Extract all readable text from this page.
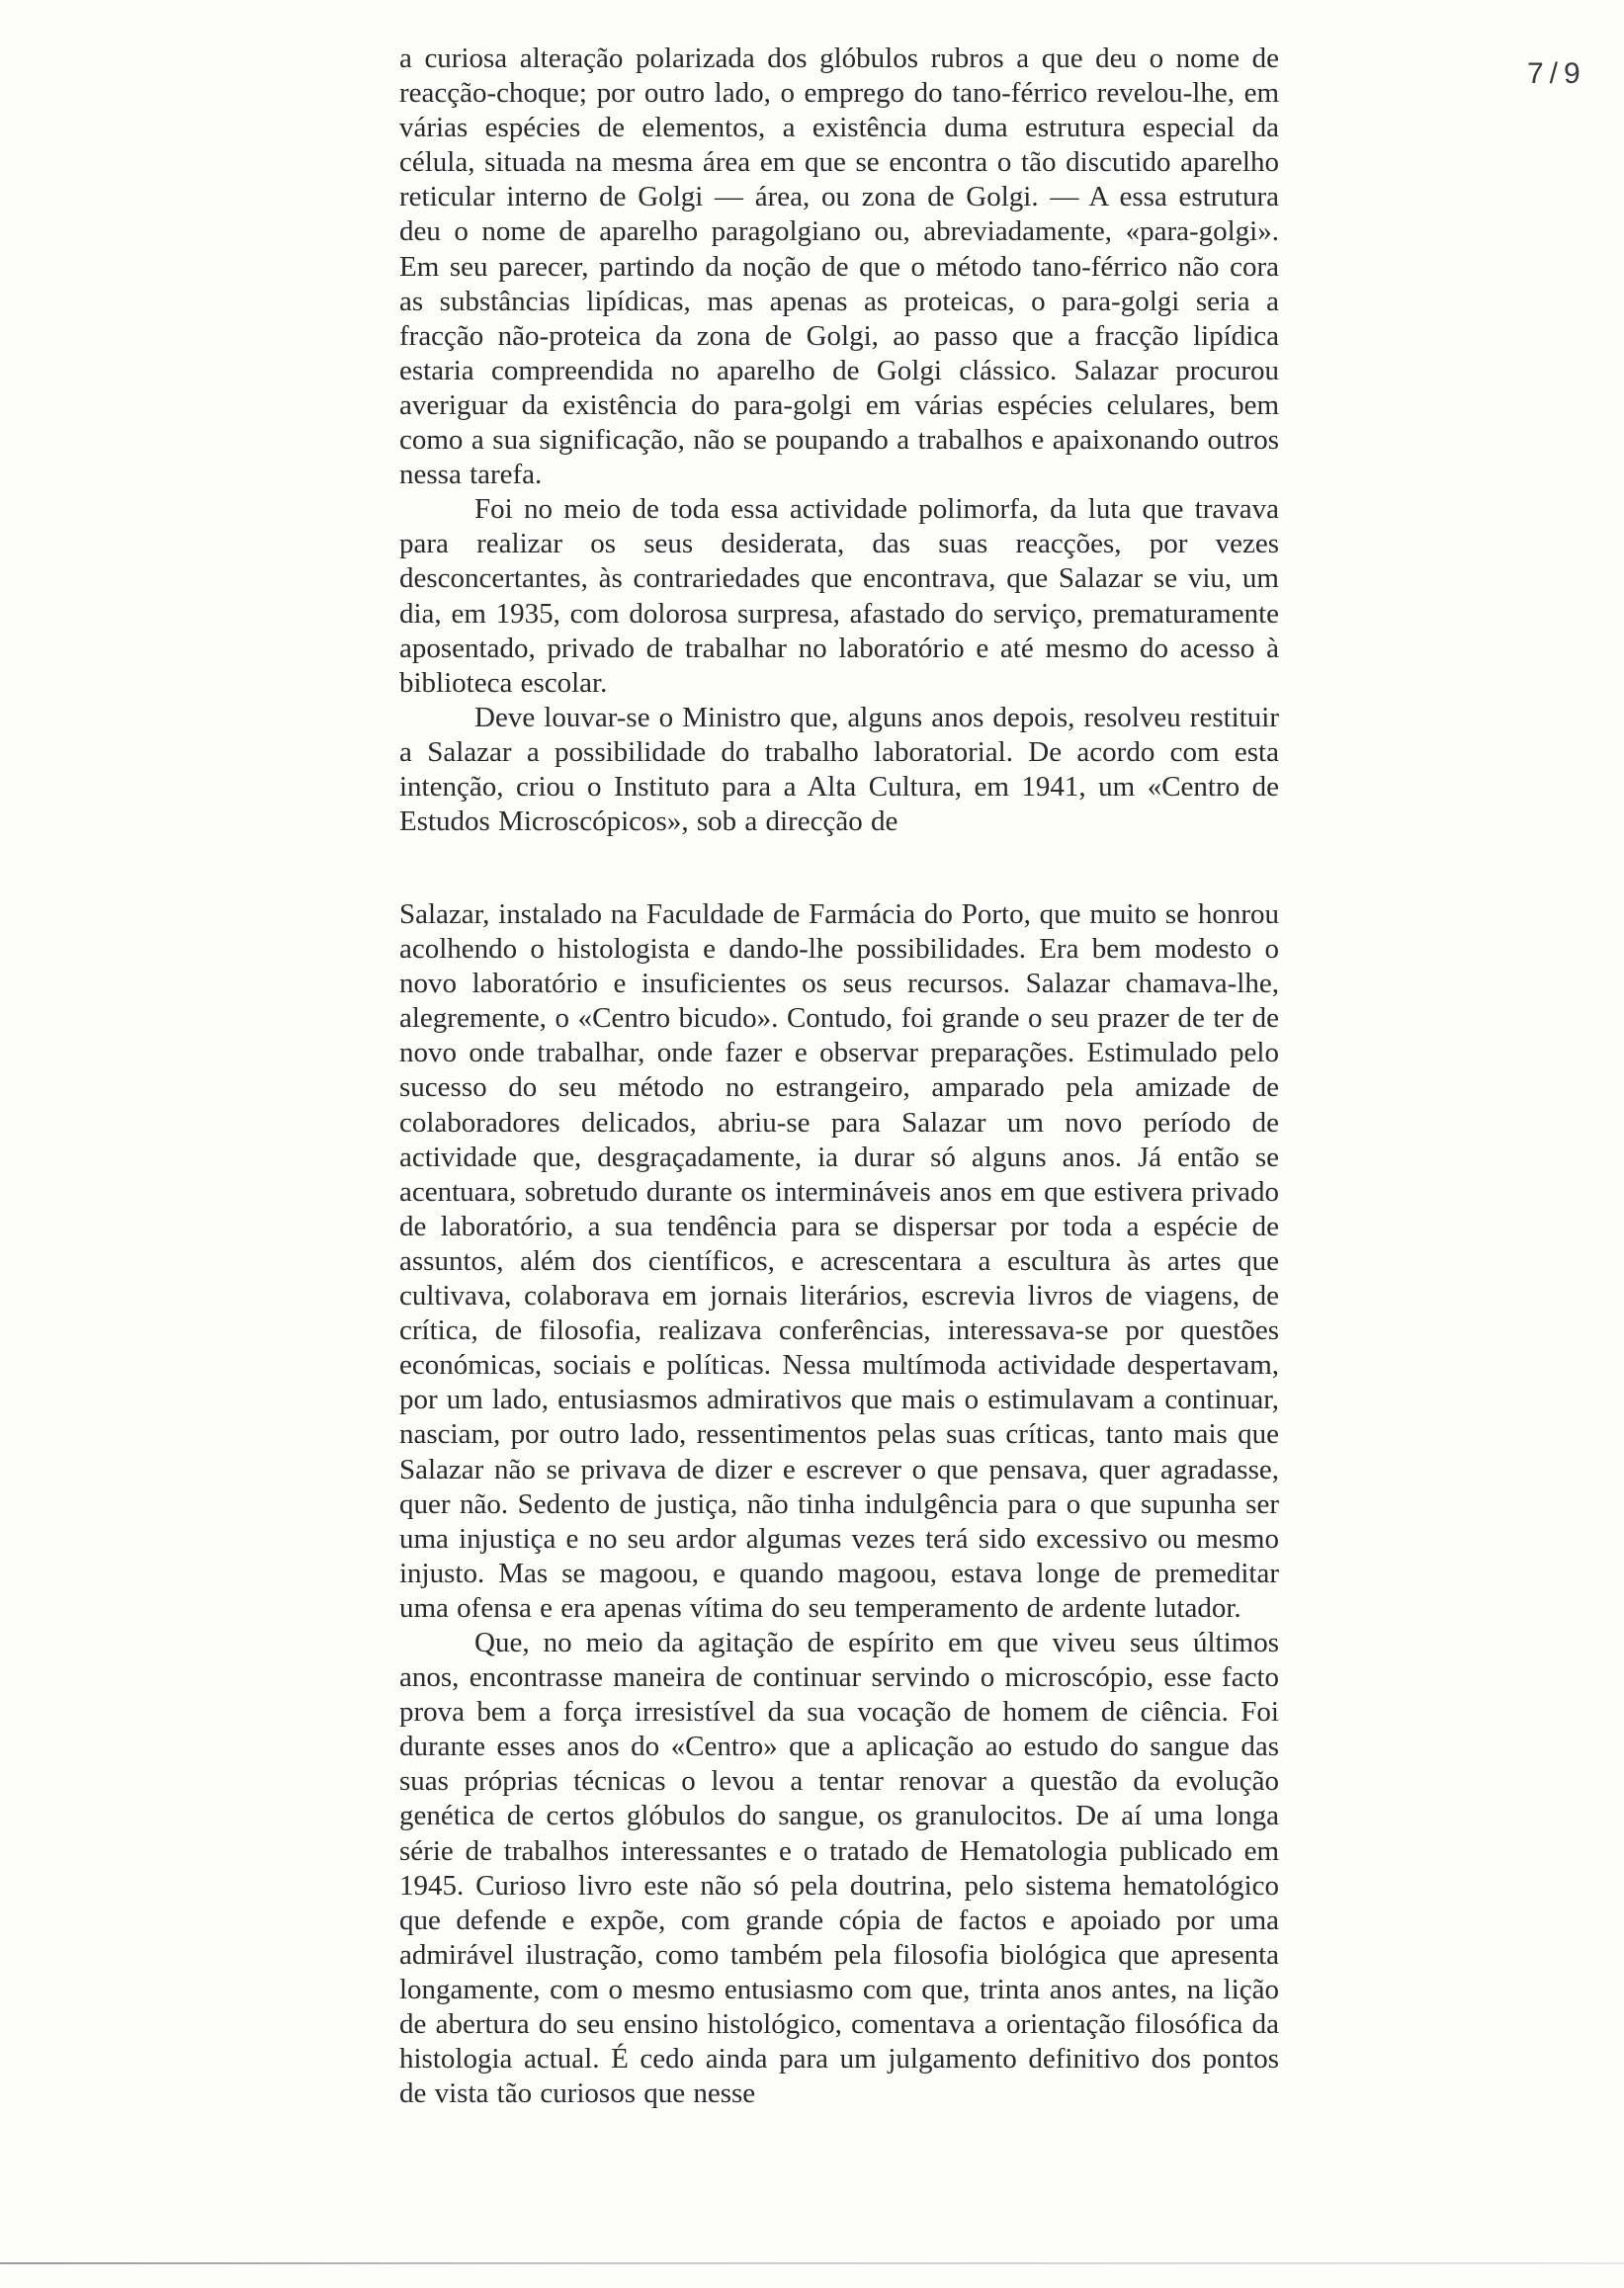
7/9

a curiosa alteração polarizada dos glóbulos rubros a que deu o nome de reacção-choque; por outro lado, o emprego do tano-férrico revelou-lhe, em várias espécies de elementos, a existência duma estrutura especial da célula, situada na mesma área em que se encontra o tão discutido aparelho reticular interno de Golgi — área, ou zona de Golgi. — A essa estrutura deu o nome de aparelho paragolgiano ou, abreviadamente, «para-golgi». Em seu parecer, partindo da noção de que o método tano-férrico não cora as substâncias lipídicas, mas apenas as proteicas, o para-golgi seria a fracção não-proteica da zona de Golgi, ao passo que a fracção lipídica estaria compreendida no aparelho de Golgi clássico. Salazar procurou averiguar da existência do para-golgi em várias espécies celulares, bem como a sua significação, não se poupando a trabalhos e apaixonando outros nessa tarefa.

Foi no meio de toda essa actividade polimorfa, da luta que travava para realizar os seus desiderata, das suas reacções, por vezes desconcertantes, às contrariedades que encontrava, que Salazar se viu, um dia, em 1935, com dolorosa surpresa, afastado do serviço, prematuramente aposentado, privado de trabalhar no laboratório e até mesmo do acesso à biblioteca escolar.

Deve louvar-se o Ministro que, alguns anos depois, resolveu restituir a Salazar a possibilidade do trabalho laboratorial. De acordo com esta intenção, criou o Instituto para a Alta Cultura, em 1941, um «Centro de Estudos Microscópicos», sob a direcção de

Salazar, instalado na Faculdade de Farmácia do Porto, que muito se honrou acolhendo o histologista e dando-lhe possibilidades. Era bem modesto o novo laboratório e insuficientes os seus recursos. Salazar chamava-lhe, alegremente, o «Centro bicudo». Contudo, foi grande o seu prazer de ter de novo onde trabalhar, onde fazer e observar preparações. Estimulado pelo sucesso do seu método no estrangeiro, amparado pela amizade de colaboradores delicados, abriu-se para Salazar um novo período de actividade que, desgraçadamente, ia durar só alguns anos. Já então se acentuara, sobretudo durante os intermináveis anos em que estivera privado de laboratório, a sua tendência para se dispersar por toda a espécie de assuntos, além dos científicos, e acrescentara a escultura às artes que cultivava, colaborava em jornais literários, escrevia livros de viagens, de crítica, de filosofia, realizava conferências, interessava-se por questões económicas, sociais e políticas. Nessa multímoda actividade despertavam, por um lado, entusiasmos admirativos que mais o estimulavam a continuar, nasciam, por outro lado, ressentimentos pelas suas críticas, tanto mais que Salazar não se privava de dizer e escrever o que pensava, quer agradasse, quer não. Sedento de justiça, não tinha indulgência para o que supunha ser uma injustiça e no seu ardor algumas vezes terá sido excessivo ou mesmo injusto. Mas se magoou, e quando magoou, estava longe de premeditar uma ofensa e era apenas vítima do seu temperamento de ardente lutador.

Que, no meio da agitação de espírito em que viveu seus últimos anos, encontrasse maneira de continuar servindo o microscópio, esse facto prova bem a força irresistível da sua vocação de homem de ciência. Foi durante esses anos do «Centro» que a aplicação ao estudo do sangue das suas próprias técnicas o levou a tentar renovar a questão da evolução genética de certos glóbulos do sangue, os granulocitos. De aí uma longa série de trabalhos interessantes e o tratado de Hematologia publicado em 1945. Curioso livro este não só pela doutrina, pelo sistema hematológico que defende e expõe, com grande cópia de factos e apoiado por uma admirável ilustração, como também pela filosofia biológica que apresenta longamente, com o mesmo entusiasmo com que, trinta anos antes, na lição de abertura do seu ensino histológico, comentava a orientação filosófica da histologia actual. É cedo ainda para um julgamento definitivo dos pontos de vista tão curiosos que nesse
